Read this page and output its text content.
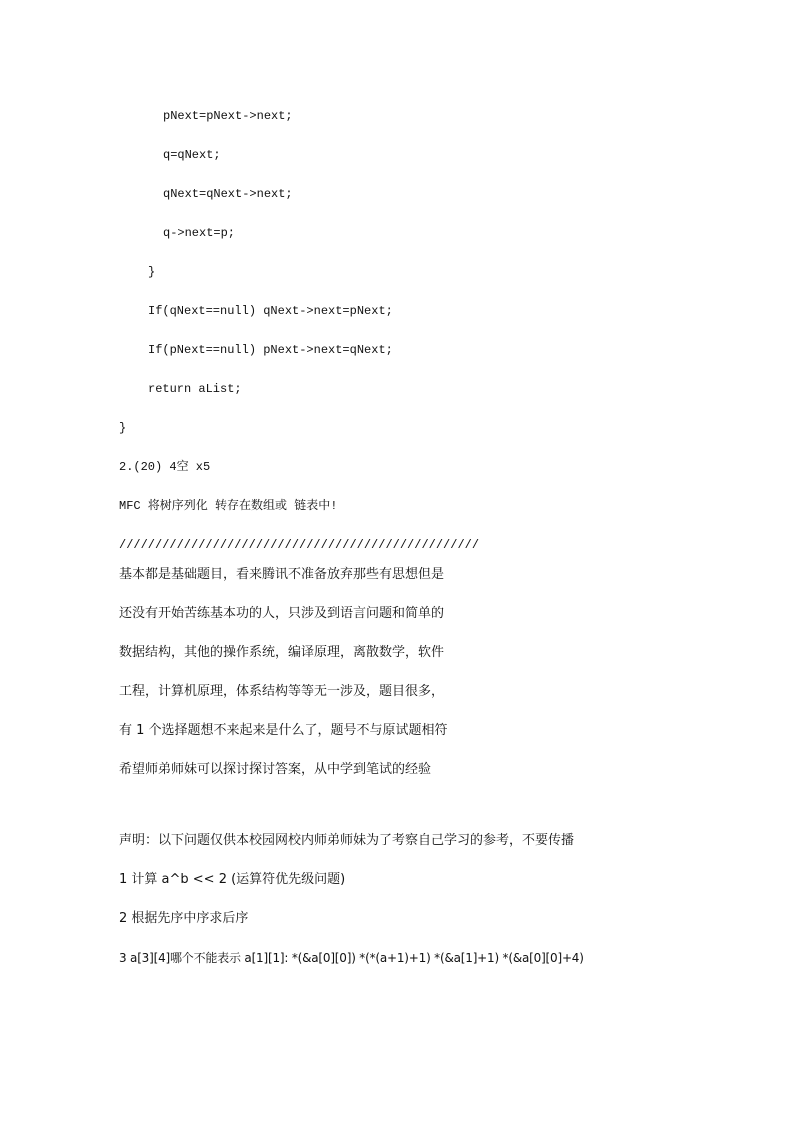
pNext=pNext->next;
q=qNext;
qNext=qNext->next;
q->next=p;
}
If(qNext==null) qNext->next=pNext;
If(pNext==null) pNext->next=qNext;
return aList;
}
2.(20) 4空 x5
MFC 将树序列化 转存在数组或 链表中!
//////////////////////////////////////////////////
基本都是基础题目，看来腾讯不准备放弃那些有思想但是
还没有开始苦练基本功的人，只涉及到语言问题和简单的
数据结构，其他的操作系统，编译原理，离散数学，软件
工程，计算机原理，体系结构等等无一涉及，题目很多，
有 1 个选择题想不来起来是什么了，题号不与原试题相符
希望师弟师妹可以探讨探讨答案，从中学到笔试的经验
声明：以下问题仅供本校园网校内师弟师妹为了考察自己学习的参考，不要传播
1 计算 a^b << 2 (运算符优先级问题)
2 根据先序中序求后序
3 a[3][4]哪个不能表示 a[1][1]: *(&a[0][0]) *(*(a+1)+1) *(&a[1]+1) *(&a[0][0]+4)
